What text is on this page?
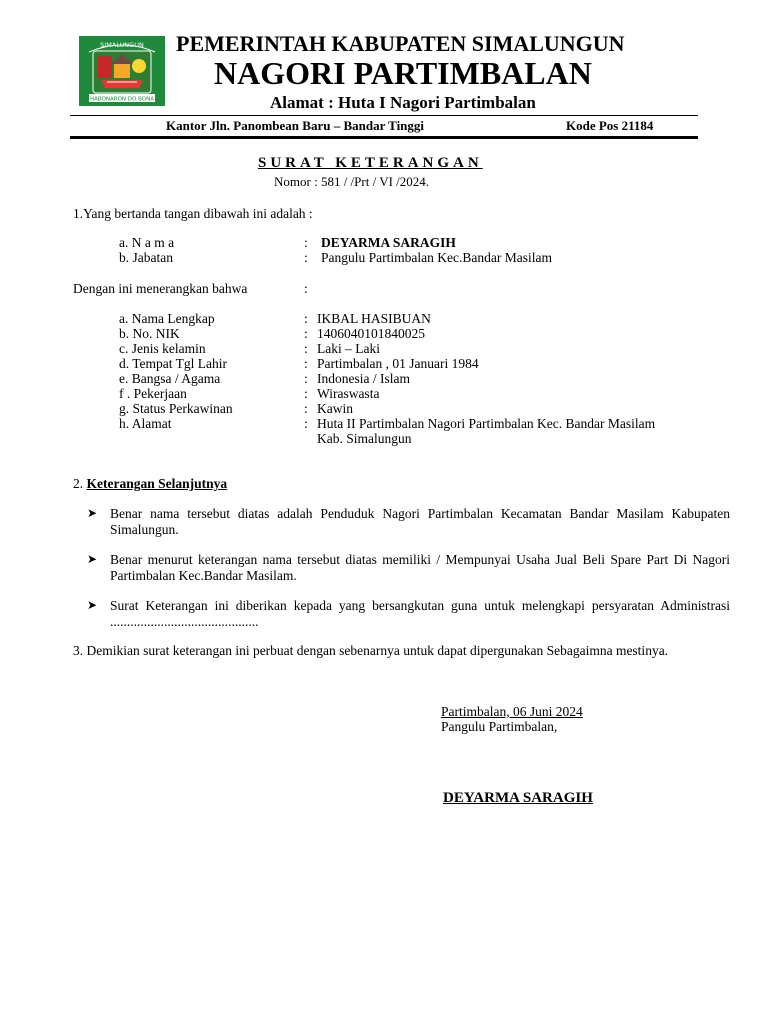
SIMALUNGUN
HABONARON DO BONA
PEMERINTAH KABUPATEN SIMALUNGUN
NAGORI PARTIMBALAN
Alamat : Huta I Nagori Partimbalan
Kantor Jln. Panombean Baru – Bandar Tinggi	Kode Pos 21184
SURAT KETERANGAN
Nomor : 581 / /Prt / VI /2024.
1.Yang bertanda tangan dibawah ini adalah :
a. N a m a	: DEYARMA SARAGIH
b. Jabatan	: Pangulu Partimbalan Kec.Bandar Masilam
Dengan ini menerangkan bahwa	:
a. Nama Lengkap	: IKBAL HASIBUAN
b. No. NIK	: 1406040101840025
c. Jenis kelamin	: Laki – Laki
d. Tempat Tgl Lahir	: Partimbalan , 01 Januari 1984
e. Bangsa / Agama	: Indonesia / Islam
f . Pekerjaan	: Wiraswasta
g. Status Perkawinan	: Kawin
h. Alamat	: Huta II Partimbalan Nagori Partimbalan Kec. Bandar Masilam
Kab. Simalungun
2. Keterangan Selanjutnya
➤ Benar nama tersebut diatas adalah Penduduk Nagori Partimbalan Kecamatan Bandar Masilam Kabupaten Simalungun.
➤ Benar menurut keterangan nama tersebut diatas memiliki / Mempunyai Usaha Jual Beli Spare Part Di Nagori Partimbalan Kec.Bandar Masilam.
➤ Surat Keterangan ini diberikan kepada yang bersangkutan guna untuk melengkapi persyaratan Administrasi ............................................
3. Demikian surat keterangan ini perbuat dengan sebenarnya untuk dapat dipergunakan Sebagaimna mestinya.
Partimbalan, 06 Juni 2024
Pangulu Partimbalan,
DEYARMA SARAGIH
